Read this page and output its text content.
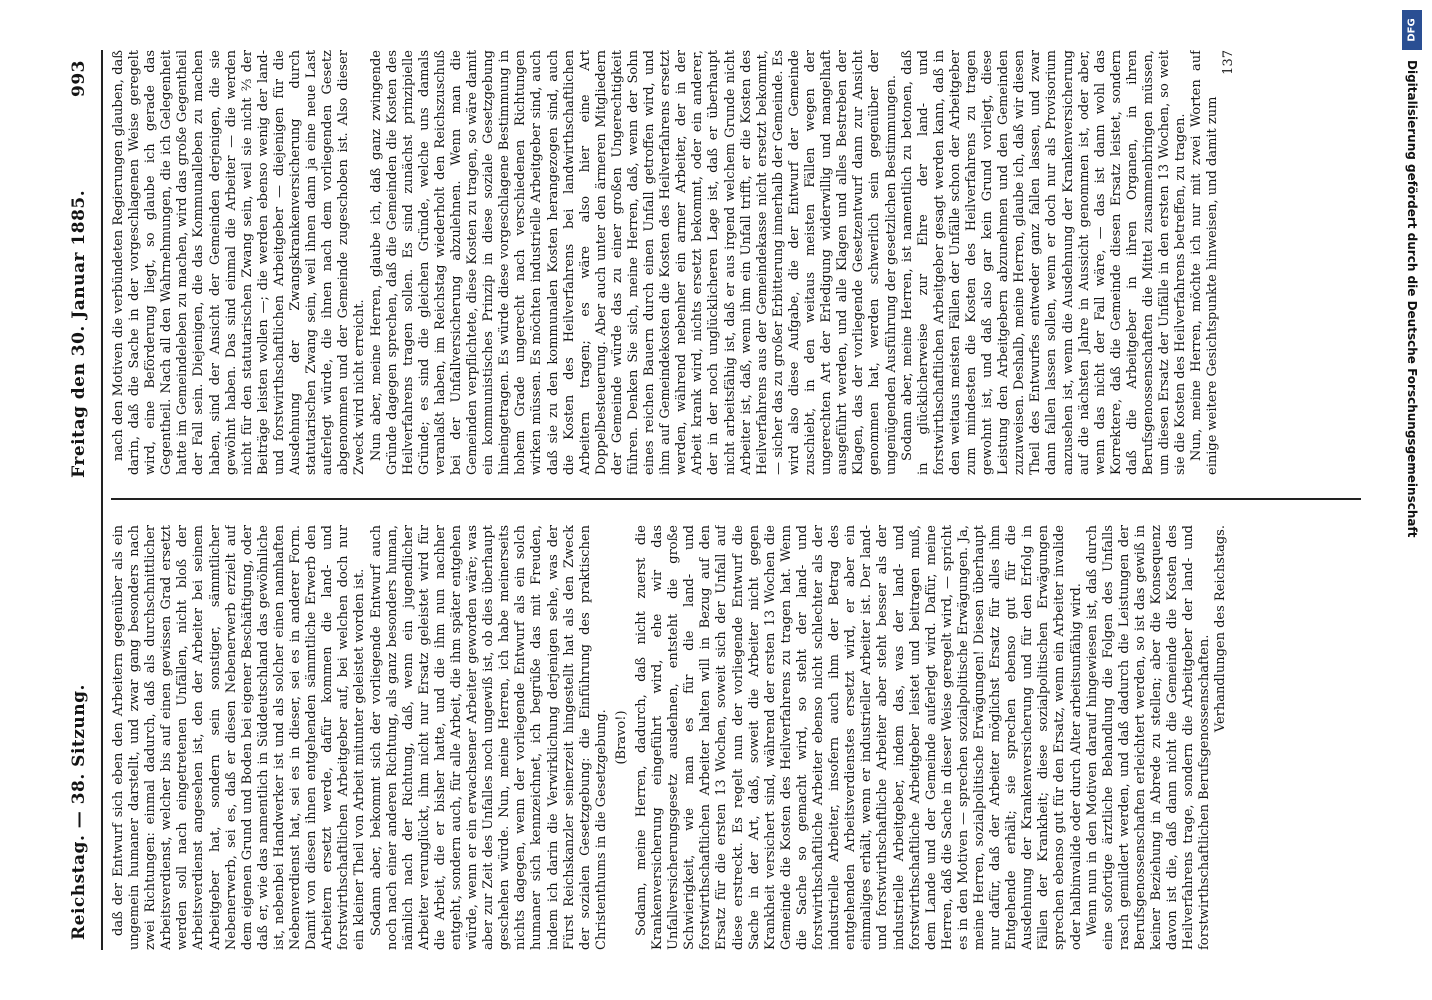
Reichstag. — 38. Sitzung.
Freitag den 30. Januar 1885.  993

daß der Entwurf sich eben den Arbeitern gegenüber als ein ungemein humaner darstellt, und zwar gang besonders nach zwei Richtungen: einmal dadurch, daß als durchschnittlicher Arbeitsverdienst, welcher bis auf einen gewissen Grad ersetzt werden soll nach eingetretenen Unfällen, nicht bloß der Arbeitsverdienst angesehen ist, den der Arbeiter bei seinem Arbeitgeber hat, sondern sein sonstiger, sämmtlicher Nebenerwerb, sei es, daß er diesen Nebenerwerb erzielt auf dem eigenen Grund und Boden bei eigener Beschäftigung, oder daß er, wie das namentlich in Süddeutschland das gewöhnliche ist, nebenbei Handwerker ist und als solcher einen namhaften Nebenverdienst hat, sei es in dieser, sei es in anderer Form. Damit von diesen ihnen entgehenden sämmtliche Erwerb den Arbeitern ersetzt werde, dafür kommen die land- und forstwirthschaftlichen Arbeitgeber auf, bei welchen doch nur ein kleiner Theil von Arbeit mitunter geleistet worden ist. Sodann aber, bekommt sich der vorliegende Entwurf auch noch nach einer anderen Richtung, als ganz besonders human, nämlich nach der Richtung, daß, wenn ein jugendlicher Arbeiter verunglückt, ihm nicht nur Ersatz geleistet wird für die Arbeit, die er bisher hatte, und die ihm nun nachher entgeht, sondern auch, für alle Arbeit, die ihm später entgehen würde, wenn er ein erwachsener Arbeiter geworden wäre; was aber zur Zeit des Unfalles noch ungewiß ist, ob dies überhaupt geschehen würde. Nun, meine Herren, ich habe meinerseits nichts dagegen, wenn der vorliegende Entwurf als ein solch humaner sich kennzeichnet, ich begrüße das mit Freuden, indem ich darin die Verwirklichung derjenigen sehe, was der Fürst Reichskanzler seinerzeit hingestellt hat als den Zweck der sozialen Gesetzgebung: die Einführung des praktischen Christenthums in die Gesetzgebung. (Bravo!) Sodann, meine Herren, dadurch, daß nicht zuerst die Krankenversicherung eingeführt wird, ehe wir das Unfallversicherungsgesetz ausdehnen, entsteht die große Schwierigkeit, wie man es für die land- und forstwirthschaftlichen Arbeiter halten will in Bezug auf den Ersatz für die ersten 13 Wochen, soweit sich der Unfall auf diese erstreckt. Es regelt nun der vorliegende Entwurf die Sache in der Art, daß, soweit die Arbeiter nicht gegen Krankheit versichert sind, während der ersten 13 Wochen die Gemeinde die Kosten des Heilverfahrens zu tragen hat. Wenn die Sache so gemacht wird, so steht der land- und forstwirthschaftliche Arbeiter ebenso nicht schlechter als der industrielle Arbeiter, insofern auch ihm der Betrag des entgehenden Arbeitsverdienstes ersetzt wird, er aber ein einmaliges erhält, wenn er industrieller Arbeiter ist. Der land- und forstwirthschaftliche Arbeiter aber steht besser als der industrielle Arbeitgeber, indem das, was der land- und forstwirthschaftliche Arbeitgeber leistet und beitragen muß, dem Lande und der Gemeinde auferlegt wird. Dafür, meine Herren, daß die Sache in dieser Weise geregelt wird, — spricht es in den Motiven — sprechen sozialpolitische Erwägungen. Ja, meine Herren, sozialpolitische Erwägungen! Diesen überhaupt nur dafür, daß der Arbeiter möglichst Ersatz für alles ihm Entgehende erhält; sie sprechen ebenso gut für die Ausdehnung der Krankenversicherung und für den Erfolg in Fällen der Krankheit; diese sozialpolitischen Erwägungen sprechen ebenso gut für den Ersatz, wenn ein Arbeiter invalide oder halbinvalide oder durch Alter arbeitsunfähig wird. Wenn nun in den Motiven darauf hingewiesen ist, daß durch eine sofortige ärztliche Behandlung die Folgen des Unfalls rasch gemildert werden, und daß dadurch die Leistungen der Berufsgenossenschaften erleichtert werden, so ist das gewiß in keiner Beziehung in Abrede zu stellen; aber die Konsequenz davon ist die, daß dann nicht die Gemeinde die Kosten des Heilverfahrens trage, sondern die Arbeitgeber der land- und forstwirthschaftlichen Berufsgenossenschaften.

Verhandlungen des Reichstags.

nach den Motiven die verbündeten Regierungen glauben, daß darin, daß die Sache in der vorgeschlagenen Weise geregelt wird, eine Beförderung liegt, so glaube ich gerade das Gegentheil. Nach all den Wahrnehmungen, die ich Gelegenheit hatte im Gemeindeleben zu machen, wird das große Gegentheil der Fall sein. Diejenigen, die das Kommunalleben zu machen haben, sind der Ansicht der Gemeinden derjenigen, die sie gewöhnt haben. Das sind einmal die Arbeiter — die werden nicht für den statutarischen Zwang sein, weil sie nicht ⅔ der Beiträge leisten wollen —; die werden ebenso wenig der land- und forstwirthschaftlichen Arbeitgeber — diejenigen für die Ausdehnung der Zwangskrankenversicherung durch statutarischen Zwang sein, weil ihnen dann ja eine neue Last auferlegt würde, die ihnen nach dem vorliegenden Gesetz abgenommen und der Gemeinde zugeschoben ist. Also dieser Zweck wird nicht erreicht. Nun aber, meine Herren, glaube ich, daß ganz zwingende Gründe dagegen sprechen, daß die Gemeinden die Kosten des Heilverfahrens tragen sollen. Es sind zunächst prinzipielle Gründe; es sind die gleichen Gründe, welche uns damals veranlaßt haben, im Reichstag wiederholt den Reichszuschuß bei der Unfallversicherung abzulehnen. Wenn man die Gemeinden verpflichtete, diese Kosten zu tragen, so wäre damit ein kommunistisches Prinzip in diese soziale Gesetzgebung hineingetragen. Es würde diese vorgeschlagene Bestimmung in hohem Grade ungerecht nach verschiedenen Richtungen wirken müssen. Es möchten industrielle Arbeitgeber sind, auch daß sie zu den kommunalen Kosten herangezogen sind, auch die Kosten des Heilverfahrens bei landwirthschaftlichen Arbeitern tragen; es wäre also hier eine Art Doppelbesteuerung. Aber auch unter den ärmeren Mitgliedern der Gemeinde würde das zu einer großen Ungerechtigkeit führen. Denken Sie sich, meine Herren, daß, wenn der Sohn eines reichen Bauern durch einen Unfall getroffen wird, und ihm auf Gemeindekosten die Kosten des Heilverfahrens ersetzt werden, während nebenher ein armer Arbeiter, der in der Arbeit krank wird, nichts ersetzt bekommt, oder ein anderer, der in der noch unglücklicheren Lage ist, daß er überhaupt nicht arbeitsfähig ist, daß er aus irgend welchem Grunde nicht Arbeiter ist, daß, wenn ihm ein Unfall trifft, er die Kosten des Heilverfahrens aus der Gemeindekasse nicht ersetzt bekommt, — sicher das zu großer Erbitterung innerhalb der Gemeinde. Es wird also diese Aufgabe, die der Entwurf der Gemeinde zuschiebt, in den weitaus meisten Fällen wegen der ungerechten Art der Erledigung widerwillig und mangelhaft ausgeführt werden, und alle Klagen und alles Bestreben der Klagen, das der vorliegende Gesetzentwurf dann zur Ansicht genommen hat, werden schwerlich sein gegenüber der ungenügenden Ausführung der gesetzlichen Bestimmungen. Sodann aber, meine Herren, ist namentlich zu betonen, daß in glücklicherweise zur Ehre der land- und forstwirthschaftlichen Arbeitgeber gesagt werden kann, daß in den weitaus meisten Fällen der Unfälle schon der Arbeitgeber zum mindesten die Kosten des Heilverfahrens zu tragen gewohnt ist, und daß also gar kein Grund vorliegt, diese Leistung den Arbeitgebern abzunehmen und den Gemeinden zuzuweisen. Deshalb, meine Herren, glaube ich, daß wir diesen Theil des Entwurfes entweder ganz fallen lassen, und zwar dann fallen lassen sollen, wenn er doch nur als Provisorium anzusehen ist, wenn die Ausdehnung der Krankenversicherung auf die nächsten Jahre in Aussicht genommen ist, oder aber, wenn das nicht der Fall wäre, — das ist dann wohl das Korrektere, daß die Gemeinde diesen Ersatz leistet, sondern daß die Arbeitgeber in ihren Organen, in ihren Berufsgenossenschaften die Mittel zusammenbringen müssen, um diesen Ersatz der Unfälle in den ersten 13 Wochen, so weit sie die Kosten des Heilverfahrens betreffen, zu tragen. Nun, meine Herren, möchte ich nur mit zwei Worten auf einige weitere Gesichtspunkte hinweisen, und damit zum

137

DFG
Digitalisierung gefördert durch die Deutsche Forschungsgemeinschaft
